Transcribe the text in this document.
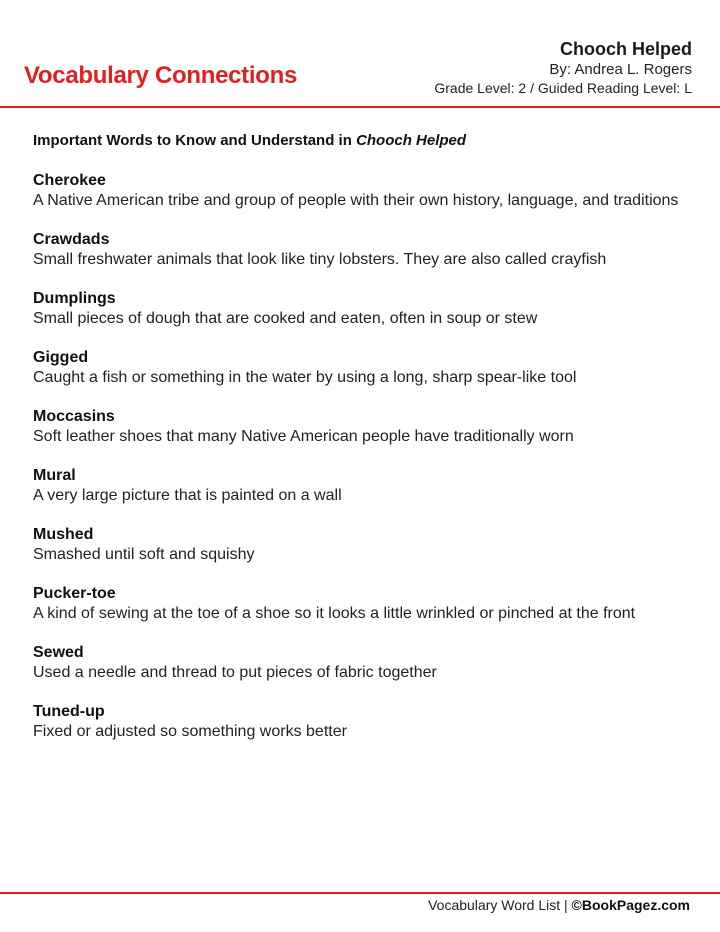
Vocabulary Connections
Chooch Helped
By: Andrea L. Rogers
Grade Level: 2 / Guided Reading Level: L
Important Words to Know and Understand in Chooch Helped
Cherokee
A Native American tribe and group of people with their own history, language, and traditions
Crawdads
Small freshwater animals that look like tiny lobsters. They are also called crayfish
Dumplings
Small pieces of dough that are cooked and eaten, often in soup or stew
Gigged
Caught a fish or something in the water by using a long, sharp spear-like tool
Moccasins
Soft leather shoes that many Native American people have traditionally worn
Mural
A very large picture that is painted on a wall
Mushed
Smashed until soft and squishy
Pucker-toe
A kind of sewing at the toe of a shoe so it looks a little wrinkled or pinched at the front
Sewed
Used a needle and thread to put pieces of fabric together
Tuned-up
Fixed or adjusted so something works better
Vocabulary Word List | ©BookPagez.com
